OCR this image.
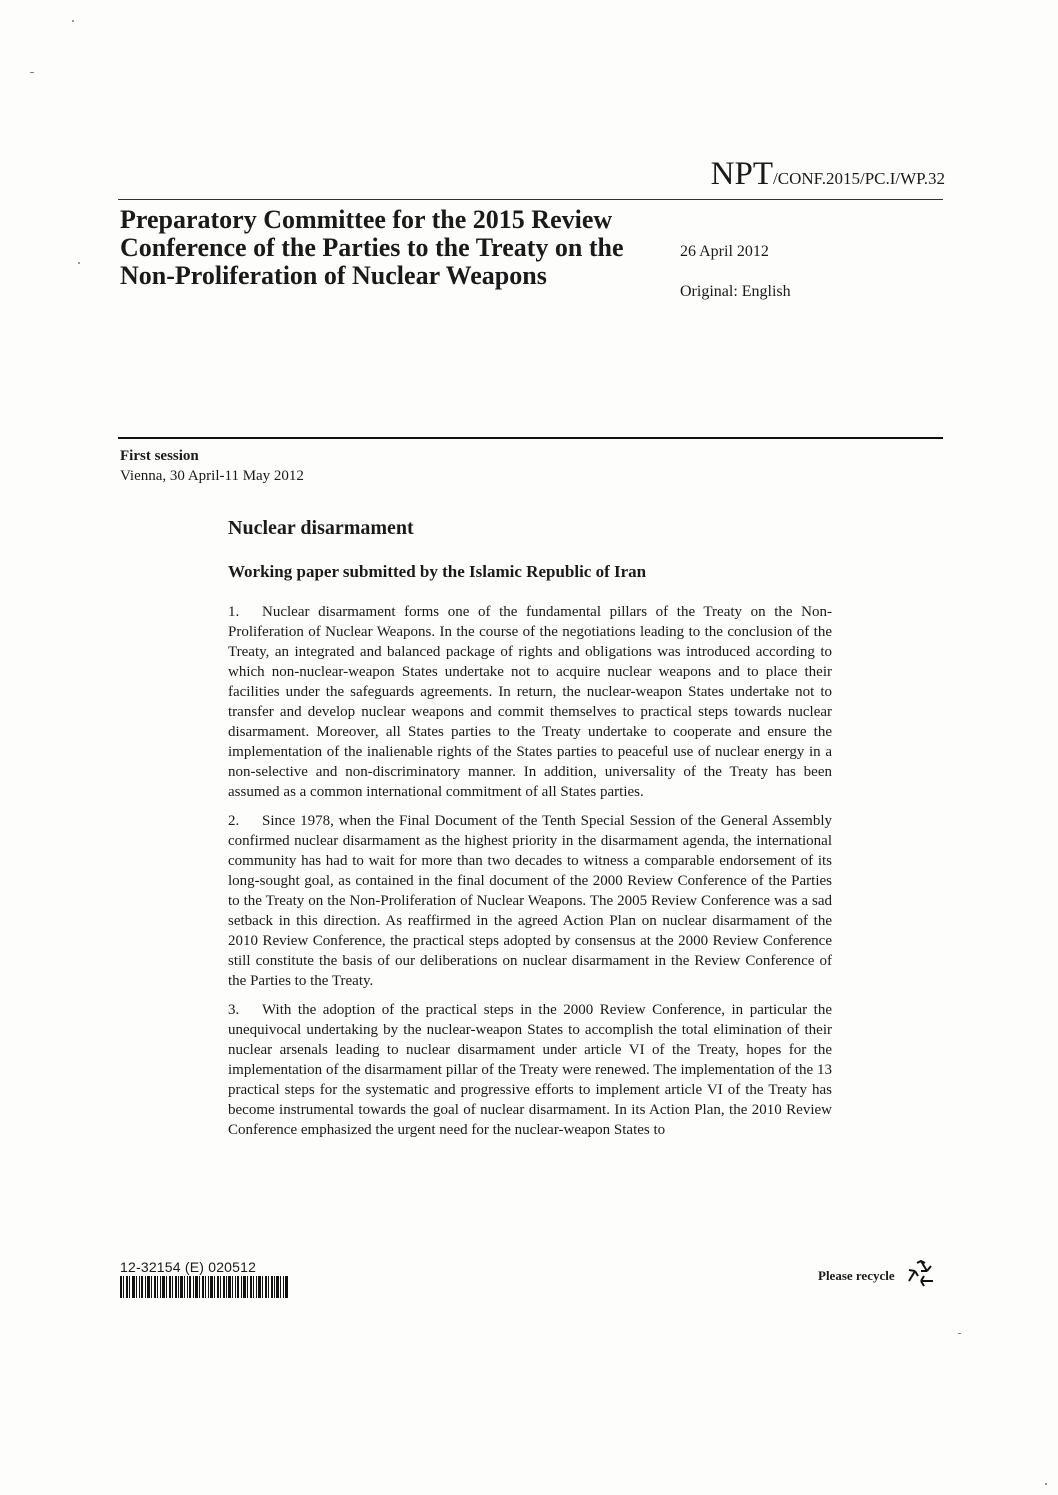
NPT/CONF.2015/PC.I/WP.32
Preparatory Committee for the 2015 Review Conference of the Parties to the Treaty on the Non-Proliferation of Nuclear Weapons
26 April 2012
Original: English
First session
Vienna, 30 April-11 May 2012
Nuclear disarmament
Working paper submitted by the Islamic Republic of Iran

1. Nuclear disarmament forms one of the fundamental pillars of the Treaty on the Non-Proliferation of Nuclear Weapons. In the course of the negotiations leading to the conclusion of the Treaty, an integrated and balanced package of rights and obligations was introduced according to which non-nuclear-weapon States undertake not to acquire nuclear weapons and to place their facilities under the safeguards agreements. In return, the nuclear-weapon States undertake not to transfer and develop nuclear weapons and commit themselves to practical steps towards nuclear disarmament. Moreover, all States parties to the Treaty undertake to cooperate and ensure the implementation of the inalienable rights of the States parties to peaceful use of nuclear energy in a non-selective and non-discriminatory manner. In addition, universality of the Treaty has been assumed as a common international commitment of all States parties.

2. Since 1978, when the Final Document of the Tenth Special Session of the General Assembly confirmed nuclear disarmament as the highest priority in the disarmament agenda, the international community has had to wait for more than two decades to witness a comparable endorsement of its long-sought goal, as contained in the final document of the 2000 Review Conference of the Parties to the Treaty on the Non-Proliferation of Nuclear Weapons. The 2005 Review Conference was a sad setback in this direction. As reaffirmed in the agreed Action Plan on nuclear disarmament of the 2010 Review Conference, the practical steps adopted by consensus at the 2000 Review Conference still constitute the basis of our deliberations on nuclear disarmament in the Review Conference of the Parties to the Treaty.

3. With the adoption of the practical steps in the 2000 Review Conference, in particular the unequivocal undertaking by the nuclear-weapon States to accomplish the total elimination of their nuclear arsenals leading to nuclear disarmament under article VI of the Treaty, hopes for the implementation of the disarmament pillar of the Treaty were renewed. The implementation of the 13 practical steps for the systematic and progressive efforts to implement article VI of the Treaty has become instrumental towards the goal of nuclear disarmament. In its Action Plan, the 2010 Review Conference emphasized the urgent need for the nuclear-weapon States to

12-32154 (E) 020512
Please recycle
